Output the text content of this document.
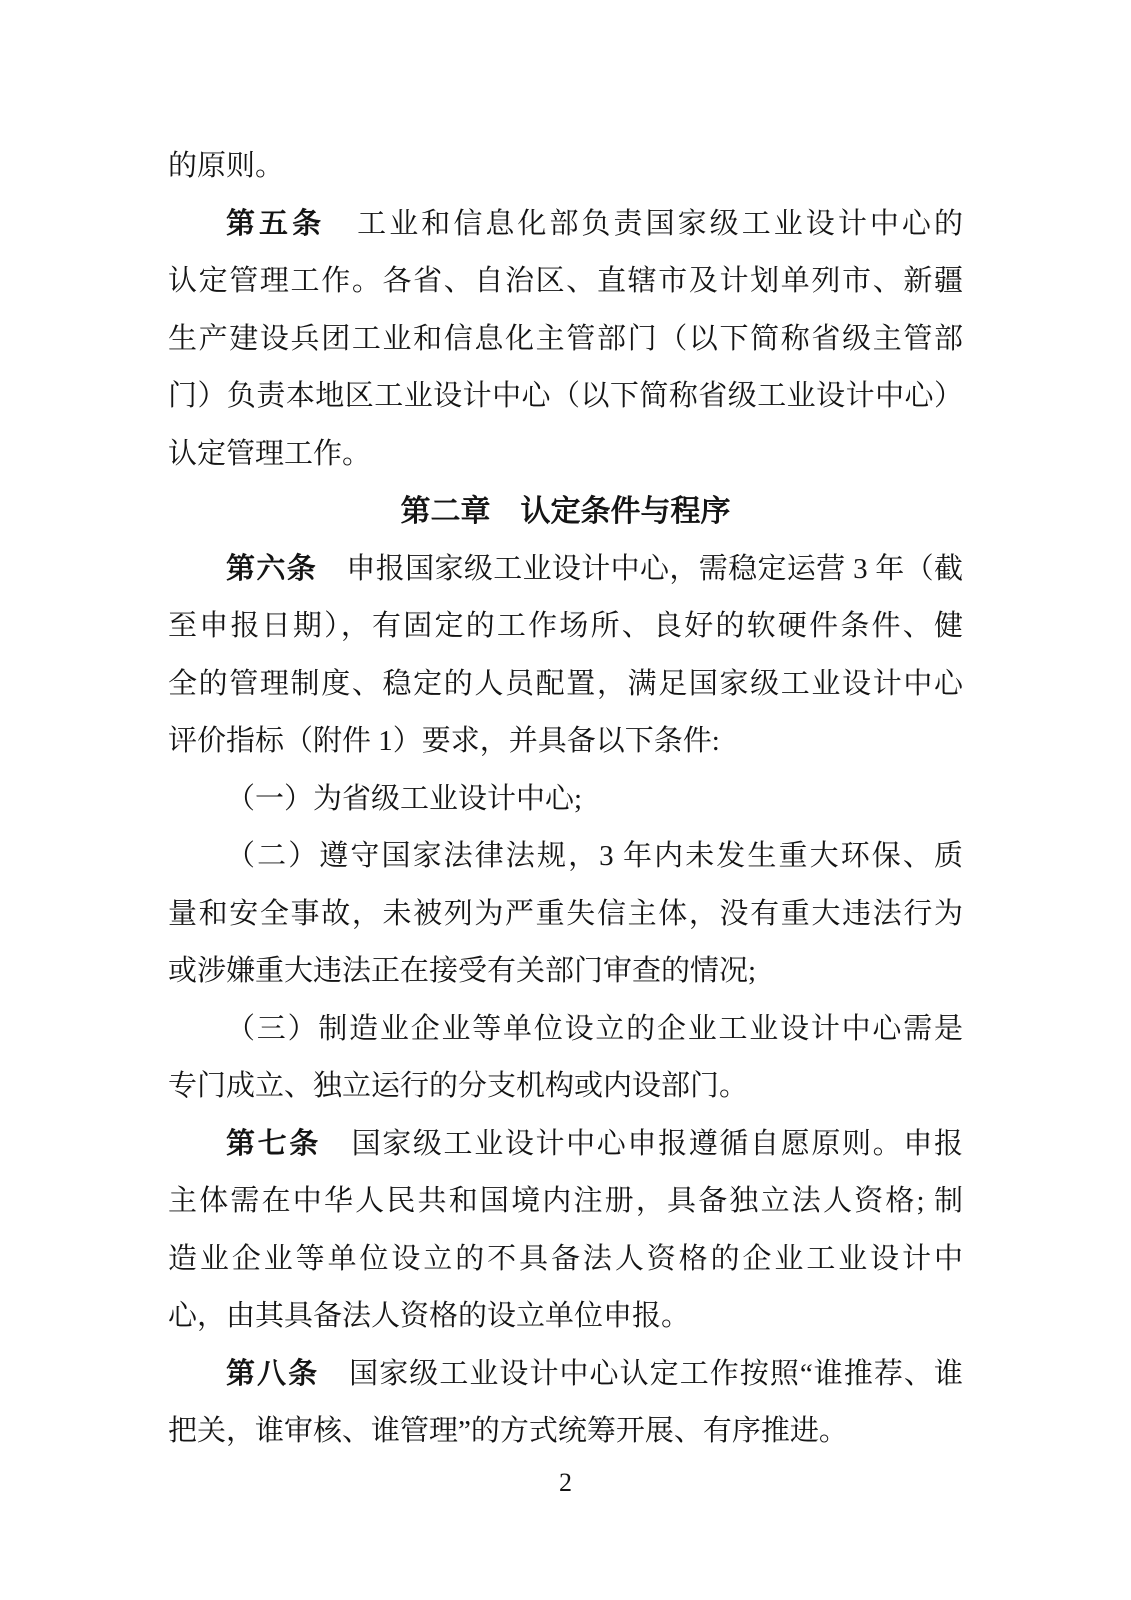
的原则。
第五条　工业和信息化部负责国家级工业设计中心的
认定管理工作。各省、自治区、直辖市及计划单列市、新疆
生产建设兵团工业和信息化主管部门（以下简称省级主管部
门）负责本地区工业设计中心（以下简称省级工业设计中心）
认定管理工作。
第二章　认定条件与程序
第六条　申报国家级工业设计中心，需稳定运营 3 年（截
至申报日期），有固定的工作场所、良好的软硬件条件、健
全的管理制度、稳定的人员配置，满足国家级工业设计中心
评价指标（附件 1）要求，并具备以下条件:
（一）为省级工业设计中心;
（二）遵守国家法律法规，3 年内未发生重大环保、质
量和安全事故，未被列为严重失信主体，没有重大违法行为
或涉嫌重大违法正在接受有关部门审查的情况;
（三）制造业企业等单位设立的企业工业设计中心需是
专门成立、独立运行的分支机构或内设部门。
第七条　国家级工业设计中心申报遵循自愿原则。申报
主体需在中华人民共和国境内注册，具备独立法人资格; 制
造业企业等单位设立的不具备法人资格的企业工业设计中
心，由其具备法人资格的设立单位申报。
第八条　国家级工业设计中心认定工作按照“谁推荐、谁
把关，谁审核、谁管理”的方式统筹开展、有序推进。
2
